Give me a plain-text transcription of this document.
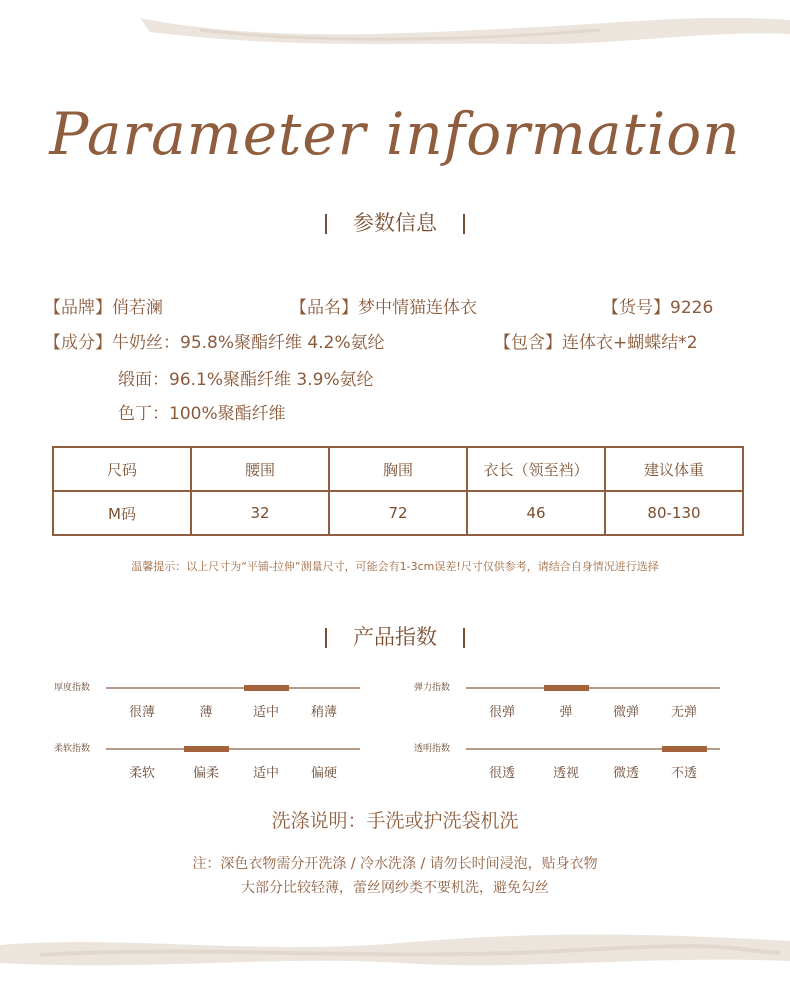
Parameter information
参数信息
【品牌】俏若澜	【品名】梦中情猫连体衣	【货号】9226
【成分】牛奶丝：95.8%聚酯纤维 4.2%氨纶	【包含】连体衣+蝴蝶结*2
缎面：96.1%聚酯纤维 3.9%氨纶
色丁：100%聚酯纤维
尺码	腰围	胸围	衣长（领至裆）	建议体重
M码	32	72	46	80-130
温馨提示：以上尺寸为“平铺-拉伸”测量尺寸，可能会有1-3cm误差!尺寸仅供参考，请结合自身情况进行选择
产品指数
厚度指数
很薄	薄	适中	稍薄
弹力指数
很弹	弹	微弹	无弹
柔软指数
柔软	偏柔	适中	偏硬
透明指数
很透	透视	微透	不透
洗涤说明：手洗或护洗袋机洗
注：深色衣物需分开洗涤 / 冷水洗涤 / 请勿长时间浸泡，贴身衣物
大部分比较轻薄，蕾丝网纱类不要机洗，避免勾丝
